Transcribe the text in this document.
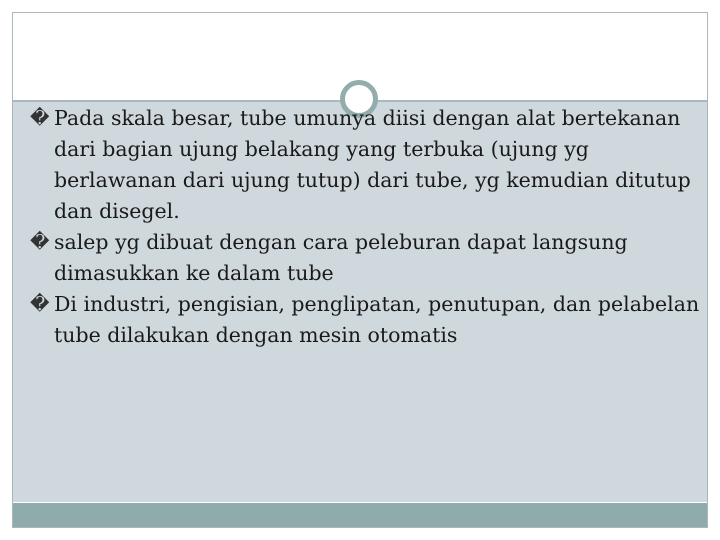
� Pada skala besar, tube umunya diisi dengan alat bertekanan dari bagian ujung belakang yang terbuka (ujung yg berlawanan dari ujung tutup) dari tube, yg kemudian ditutup dan disegel.
� salep yg dibuat dengan cara peleburan dapat langsung dimasukkan ke dalam tube
� Di industri, pengisian, penglipatan, penutupan, dan pelabelan tube dilakukan dengan mesin otomatis
